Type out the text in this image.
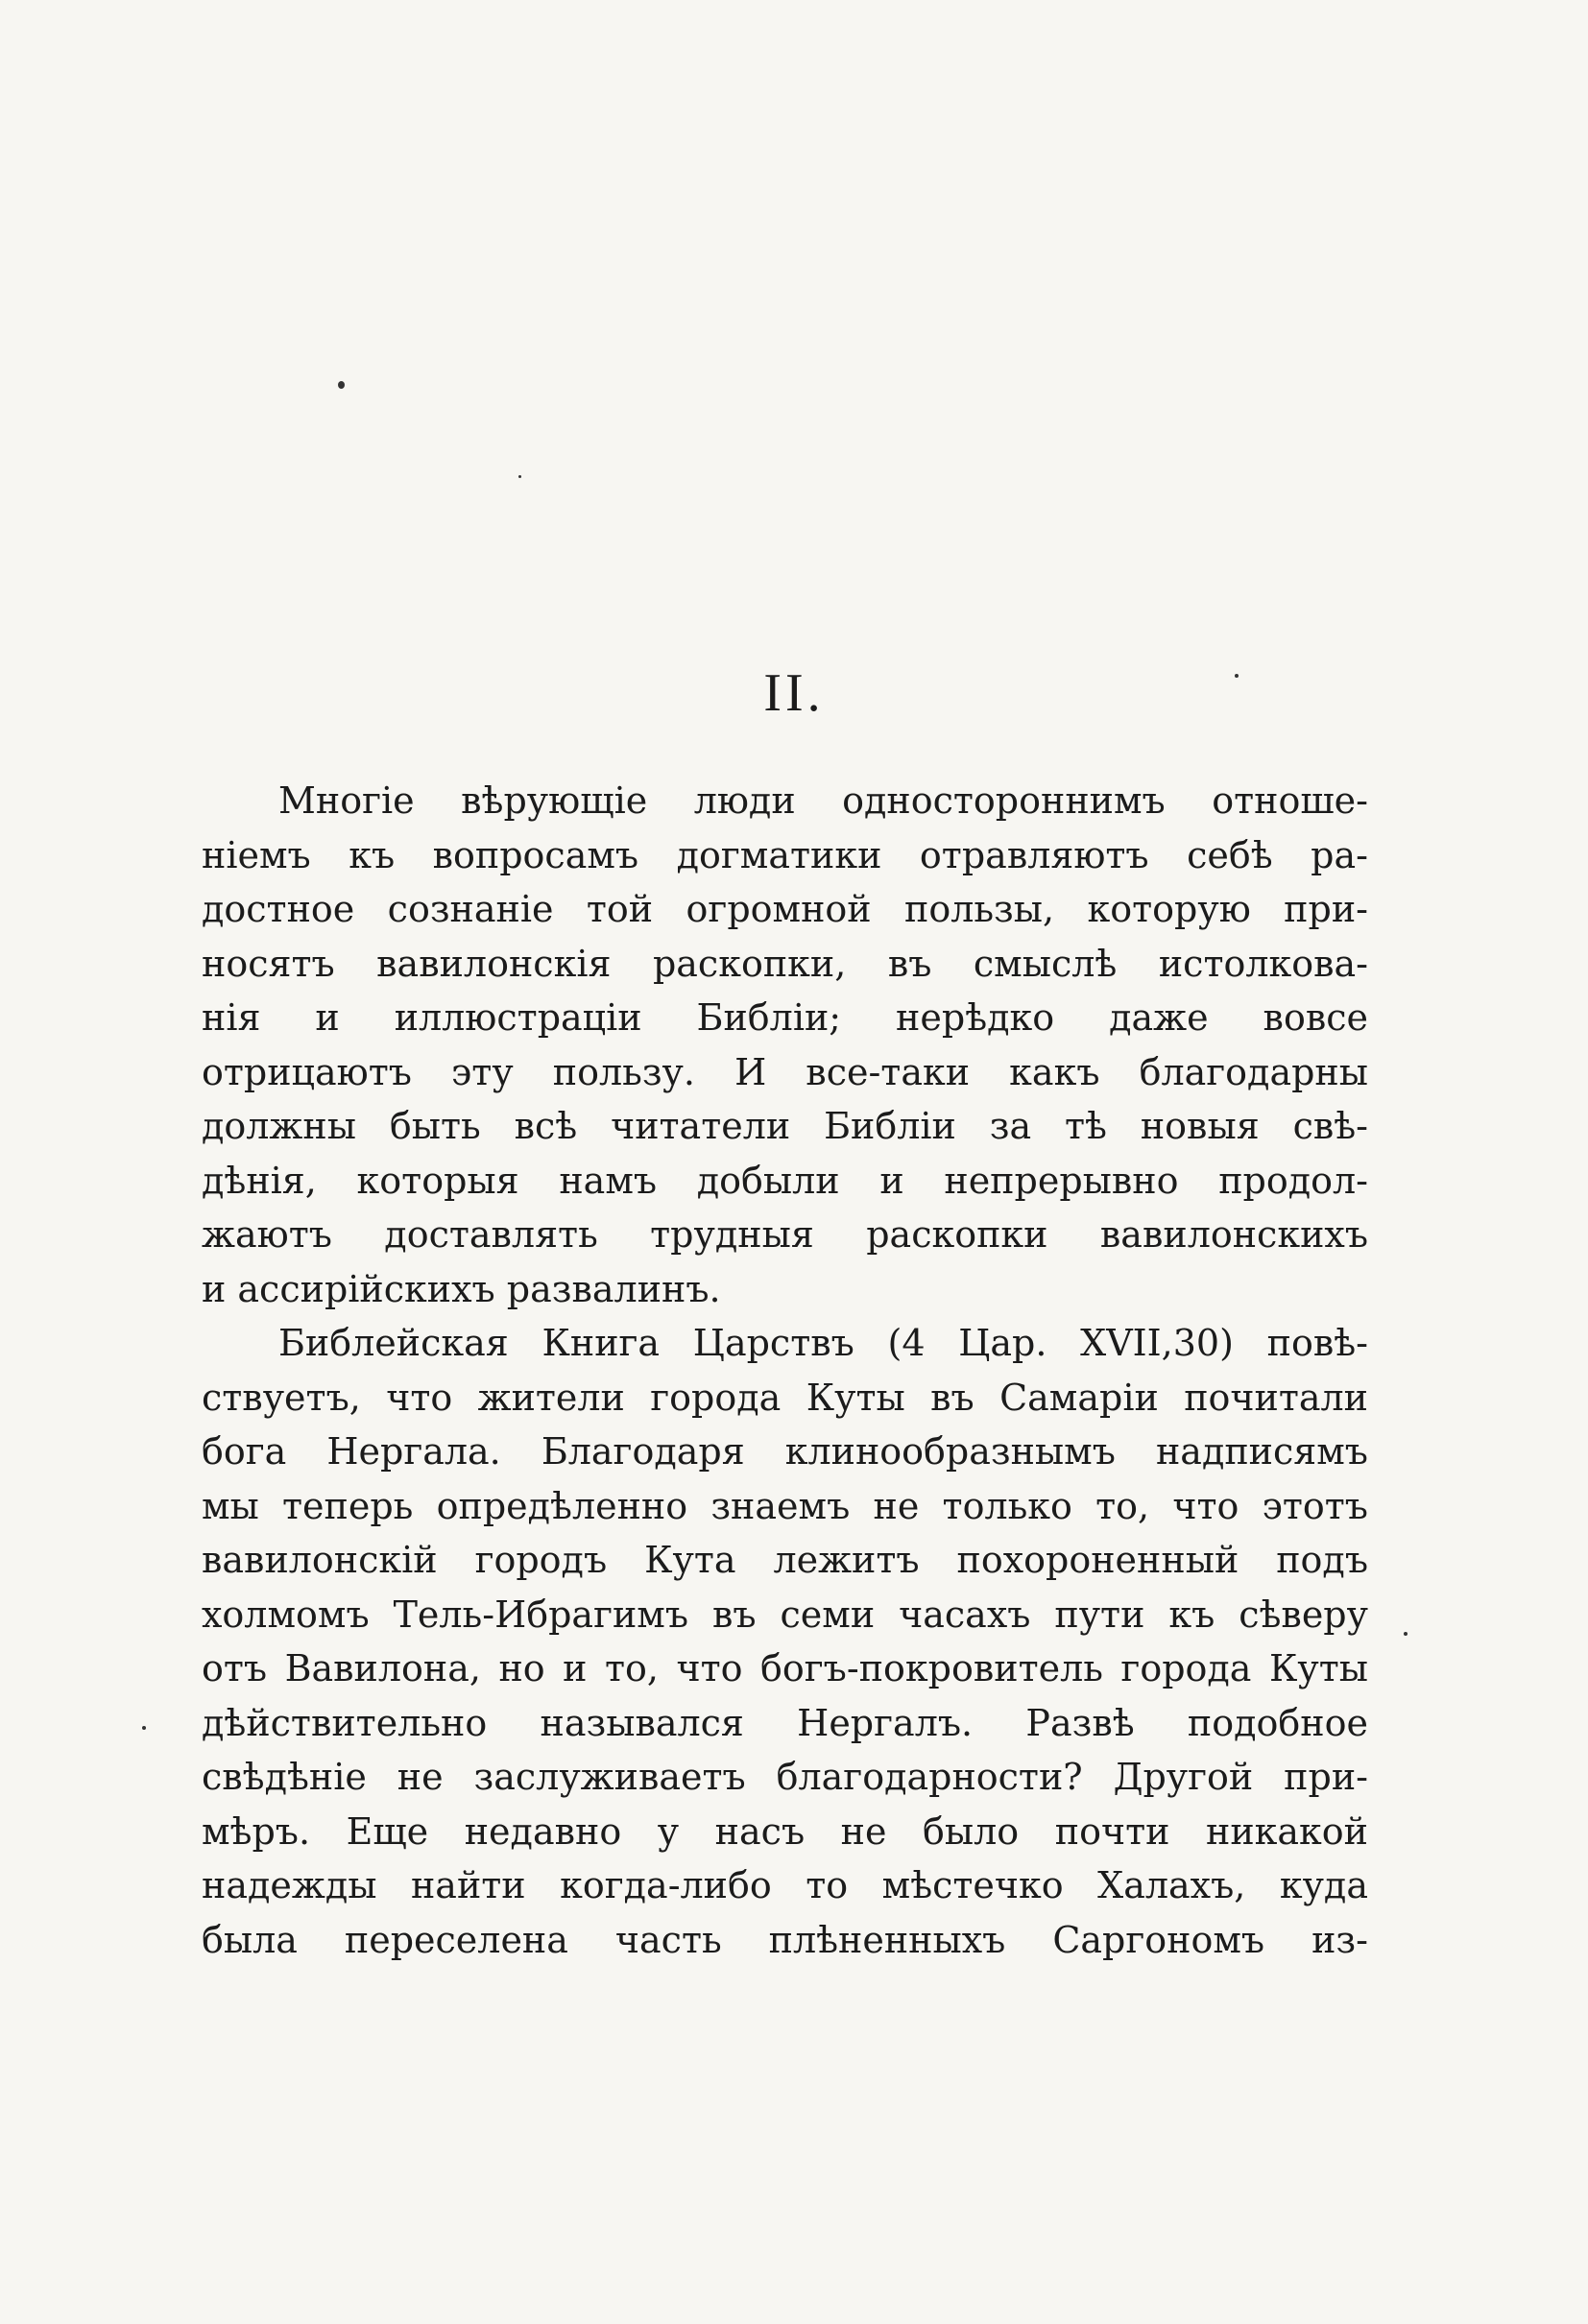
II.
Многіе вѣрующіе люди одностороннимъ отноше-
ніемъ къ вопросамъ догматики отравляютъ себѣ ра-
достное сознаніе той огромной пользы, которую при-
носятъ вавилонскія раскопки, въ смыслѣ истолкова-
нія и иллюстраціи Библіи; нерѣдко даже вовсе
отрицаютъ эту пользу. И все-таки какъ благодарны
должны быть всѣ читатели Библіи за тѣ новыя свѣ-
дѣнія, которыя намъ добыли и непрерывно продол-
жаютъ доставлять трудныя раскопки вавилонскихъ
и ассирійскихъ развалинъ.
Библейская Книга Царствъ (4 Цар. XVII,30) повѣ-
ствуетъ, что жители города Куты въ Самаріи почитали
бога Нергала. Благодаря клинообразнымъ надписямъ
мы теперь опредѣленно знаемъ не только то, что этотъ
вавилонскій городъ Кута лежитъ похороненный подъ
холмомъ Тель-Ибрагимъ въ семи часахъ пути къ сѣверу
отъ Вавилона, но и то, что богъ-покровитель города Куты
дѣйствительно назывался Нергалъ. Развѣ подобное
свѣдѣніе не заслуживаетъ благодарности? Другой при-
мѣръ. Еще недавно у насъ не было почти никакой
надежды найти когда-либо то мѣстечко Халахъ, куда
была переселена часть плѣненныхъ Саргономъ из-
